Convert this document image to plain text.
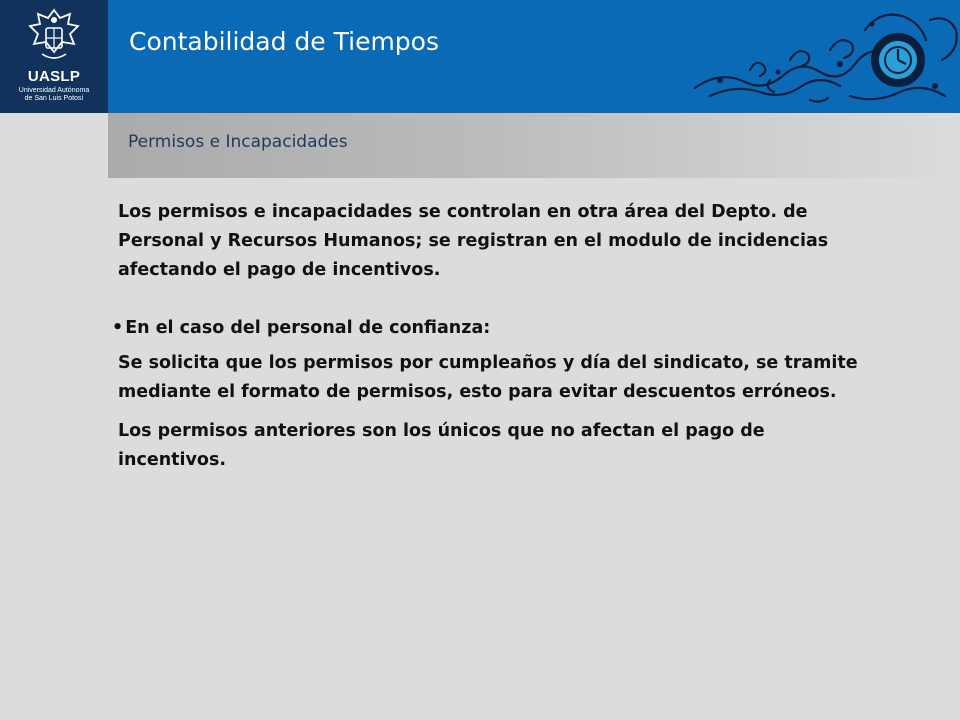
UASLP
Universidad Autónoma
de San Luis Potosí
Contabilidad de Tiempos
Permisos e Incapacidades

Los permisos e incapacidades se controlan en otra área del Depto. de Personal y Recursos Humanos; se registran en el modulo de incidencias afectando el pago de incentivos.

• En el caso del personal de confianza:

Se solicita que los permisos por cumpleaños y día del sindicato, se tramite mediante el formato de permisos, esto para evitar descuentos erróneos.

Los permisos anteriores son los únicos que no afectan el pago de incentivos.
